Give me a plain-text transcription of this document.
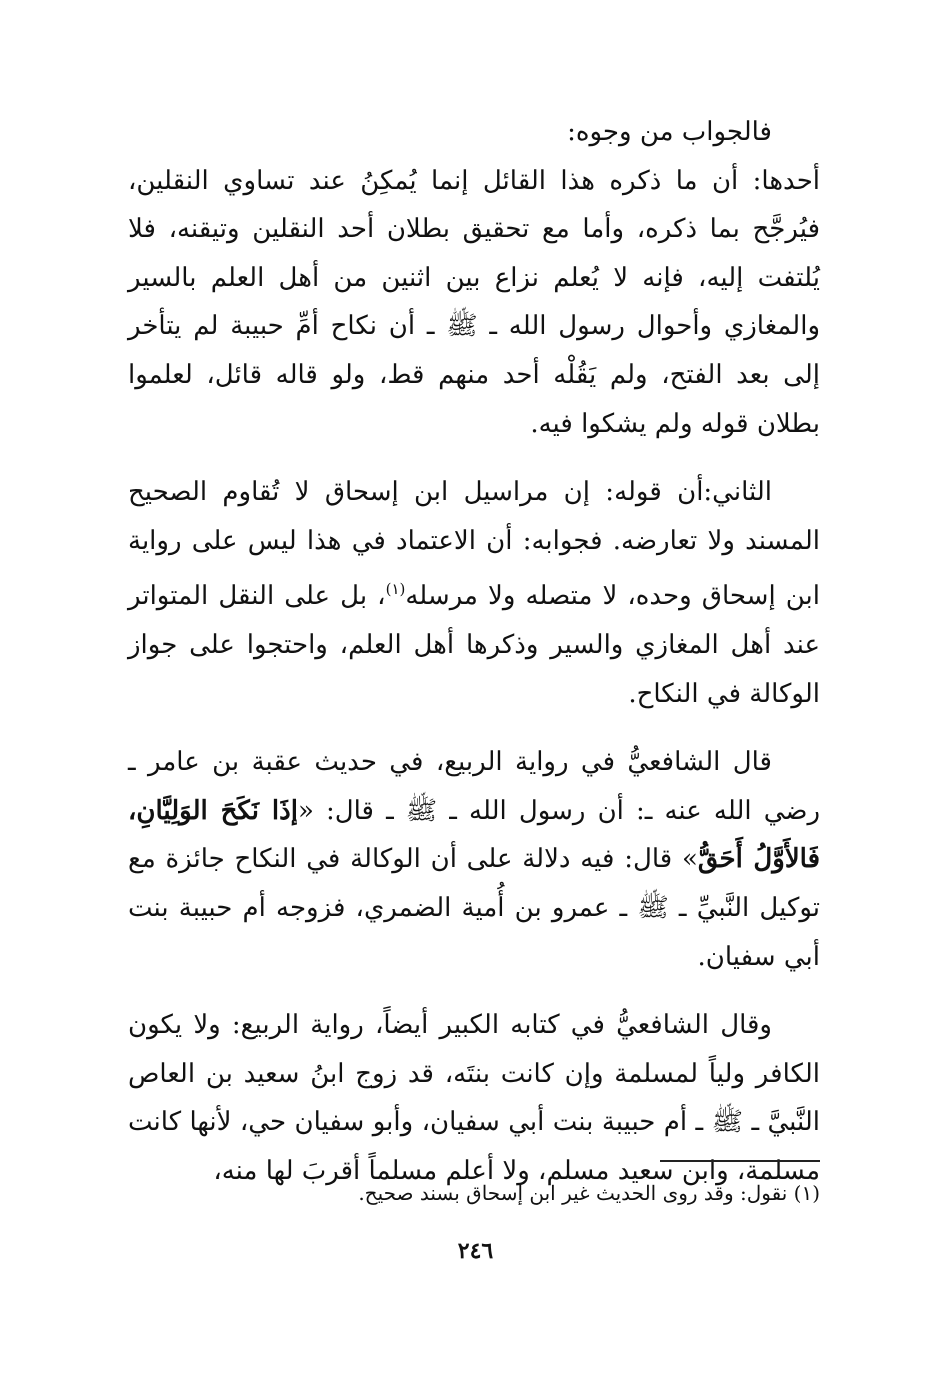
فالجواب من وجوه:

أحدها: أن ما ذكره هذا القائل إنما يُمكِنُ عند تساوي النقلين، فيُرجَّح بما ذكره، وأما مع تحقيق بطلان أحد النقلين وتيقنه، فلا يُلتفت إليه، فإنه لا يُعلم نزاع بين اثنين من أهل العلم بالسير والمغازي وأحوال رسول الله ـ ﷺ ـ أن نكاح أمِّ حبيبة لم يتأخر إلى بعد الفتح، ولم يَقُلْه أحد منهم قط، ولو قاله قائل، لعلموا بطلان قوله ولم يشكوا فيه.

الثاني:أن قوله: إن مراسيل ابن إسحاق لا تُقاوم الصحيح المسند ولا تعارضه. فجوابه: أن الاعتماد في هذا ليس على رواية ابن إسحاق وحده، لا متصله ولا مرسله$^{(١)}$، بل على النقل المتواتر عند أهل المغازي والسير وذكرها أهل العلم، واحتجوا على جواز الوكالة في النكاح.

قال الشافعيُّ في رواية الربيع، في حديث عقبة بن عامر ـ رضي الله عنه ـ: أن رسول الله ـ ﷺ ـ قال: «إذَا نَكَحَ الوَلِيَّانِ، فَالأَوَّلُ أَحَقُّ» قال: فيه دلالة على أن الوكالة في النكاح جائزة مع توكيل النَّبيِّ ـ ﷺ ـ عمرو بن أُمية الضمري، فزوجه أم حبيبة بنت أبي سفيان.

وقال الشافعيُّ في كتابه الكبير أيضاً، رواية الربيع: ولا يكون الكافر ولياً لمسلمة وإن كانت بنتَه، قد زوج ابنُ سعيد بن العاص النَّبيَّ ـ ﷺ ـ أم حبيبة بنت أبي سفيان، وأبو سفيان حي، لأنها كانت مسلمة، وابن سعيد مسلم، ولا أعلم مسلماً أقربَ لها منه،

(١) نقول: وقد روى الحديث غير ابن إسحاق بسند صحيح.
٢٤٦
